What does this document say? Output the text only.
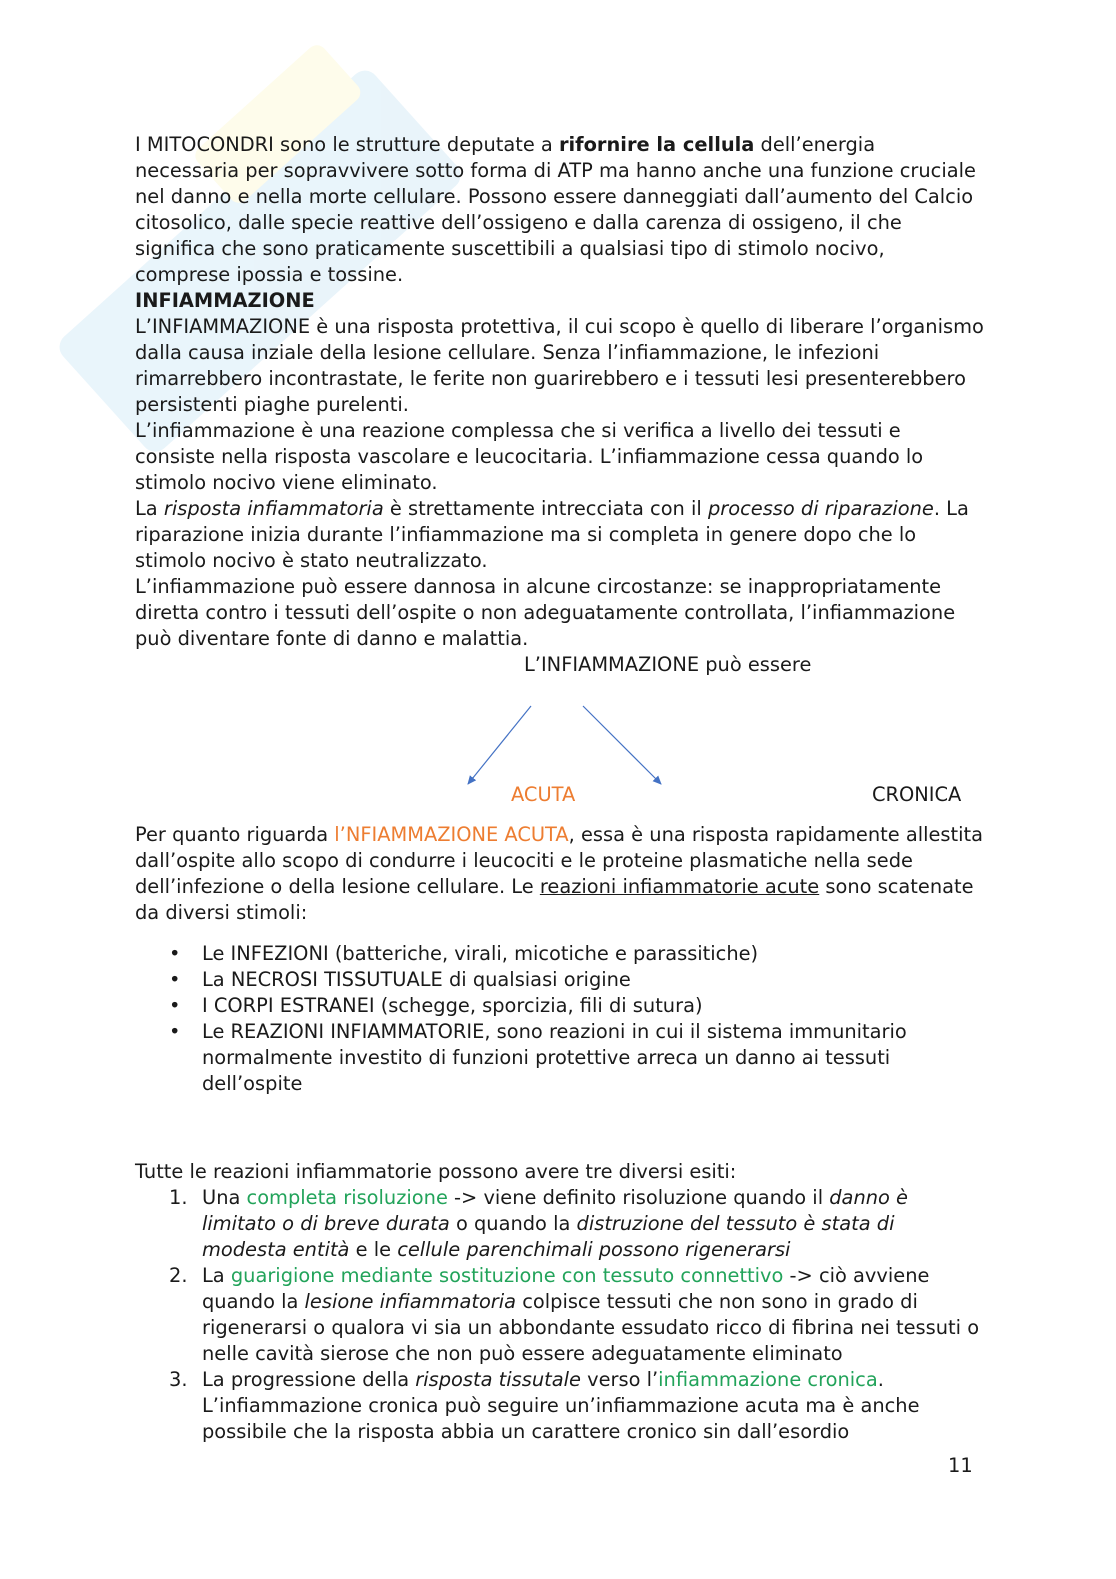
I MITOCONDRI sono le strutture deputate a rifornire la cellula dell’energia necessaria per sopravvivere sotto forma di ATP ma hanno anche una funzione cruciale nel danno e nella morte cellulare. Possono essere danneggiati dall’aumento del Calcio citosolico, dalle specie reattive dell’ossigeno e dalla carenza di ossigeno, il che significa che sono praticamente suscettibili a qualsiasi tipo di stimolo nocivo, comprese ipossia e tossine.

INFIAMMAZIONE

L’INFIAMMAZIONE è una risposta protettiva, il cui scopo è quello di liberare l’organismo dalla causa inziale della lesione cellulare. Senza l’infiammazione, le infezioni rimarrebbero incontrastate, le ferite non guarirebbero e i tessuti lesi presenterebbero persistenti piaghe purelenti.

L’infiammazione è una reazione complessa che si verifica a livello dei tessuti e consiste nella risposta vascolare e leucocitaria. L’infiammazione cessa quando lo stimolo nocivo viene eliminato.

La risposta infiammatoria è strettamente intrecciata con il processo di riparazione. La riparazione inizia durante l’infiammazione ma si completa in genere dopo che lo stimolo nocivo è stato neutralizzato.

L’infiammazione può essere dannosa in alcune circostanze: se inappropriatamente diretta contro i tessuti dell’ospite o non adeguatamente controllata, l’infiammazione può diventare fonte di danno e malattia.

L’INFIAMMAZIONE può essere

ACUTA	CRONICA

Per quanto riguarda l’NFIAMMAZIONE ACUTA, essa è una risposta rapidamente allestita dall’ospite allo scopo di condurre i leucociti e le proteine plasmatiche nella sede dell’infezione o della lesione cellulare. Le reazioni infiammatorie acute sono scatenate da diversi stimoli:

• Le INFEZIONI (batteriche, virali, micotiche e parassitiche)
• La NECROSI TISSUTUALE di qualsiasi origine
• I CORPI ESTRANEI (schegge, sporcizia, fili di sutura)
• Le REAZIONI INFIAMMATORIE, sono reazioni in cui il sistema immunitario normalmente investito di funzioni protettive arreca un danno ai tessuti dell’ospite

Tutte le reazioni infiammatorie possono avere tre diversi esiti:

1. Una completa risoluzione -> viene definito risoluzione quando il danno è limitato o di breve durata o quando la distruzione del tessuto è stata di modesta entità e le cellule parenchimali possono rigenerarsi
2. La guarigione mediante sostituzione con tessuto connettivo -> ciò avviene quando la lesione infiammatoria colpisce tessuti che non sono in grado di rigenerarsi o qualora vi sia un abbondante essudato ricco di fibrina nei tessuti o nelle cavità sierose che non può essere adeguatamente eliminato
3. La progressione della risposta tissutale verso l’infiammazione cronica. L’infiammazione cronica può seguire un’infiammazione acuta ma è anche possibile che la risposta abbia un carattere cronico sin dall’esordio
11
